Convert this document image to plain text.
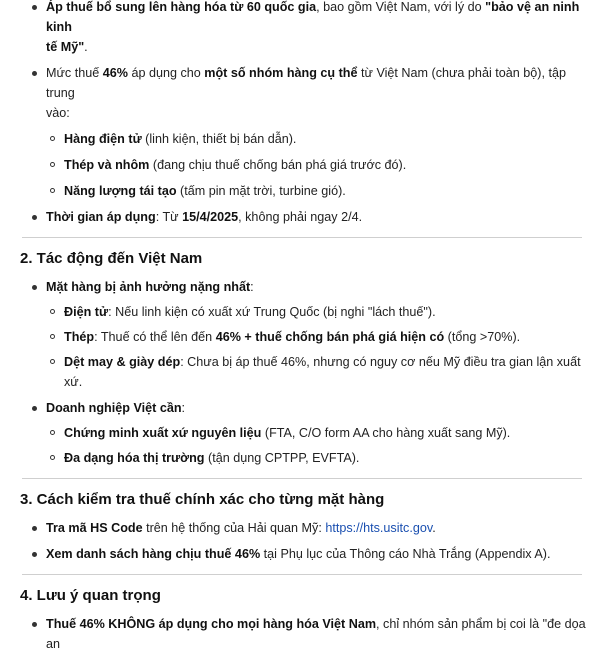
Áp thuế bổ sung lên hàng hóa từ 60 quốc gia, bao gồm Việt Nam, với lý do "bảo vệ an ninh kinh
tế Mỹ".
Mức thuế 46% áp dụng cho một số nhóm hàng cụ thể từ Việt Nam (chưa phải toàn bộ), tập trung
vào:
Hàng điện tử (linh kiện, thiết bị bán dẫn).
Thép và nhôm (đang chịu thuế chống bán phá giá trước đó).
Năng lượng tái tạo (tấm pin mặt trời, turbine gió).
Thời gian áp dụng: Từ 15/4/2025, không phải ngay 2/4.
2. Tác động đến Việt Nam
Mặt hàng bị ảnh hưởng nặng nhất:
Điện tử: Nếu linh kiện có xuất xứ Trung Quốc (bị nghi "lách thuế").
Thép: Thuế có thể lên đến 46% + thuế chống bán phá giá hiện có (tổng >70%).
Dệt may & giày dép: Chưa bị áp thuế 46%, nhưng có nguy cơ nếu Mỹ điều tra gian lận xuất xứ.
Doanh nghiệp Việt cần:
Chứng minh xuất xứ nguyên liệu (FTA, C/O form AA cho hàng xuất sang Mỹ).
Đa dạng hóa thị trường (tận dụng CPTPP, EVFTA).
3. Cách kiểm tra thuế chính xác cho từng mặt hàng
Tra mã HS Code trên hệ thống của Hải quan Mỹ: https://hts.usitc.gov.
Xem danh sách hàng chịu thuế 46% tại Phụ lục của Thông cáo Nhà Trắng (Appendix A).
4. Lưu ý quan trọng
Thuế 46% KHÔNG áp dụng cho mọi hàng hóa Việt Nam, chỉ nhóm sản phẩm bị coi là "đe dọa an
